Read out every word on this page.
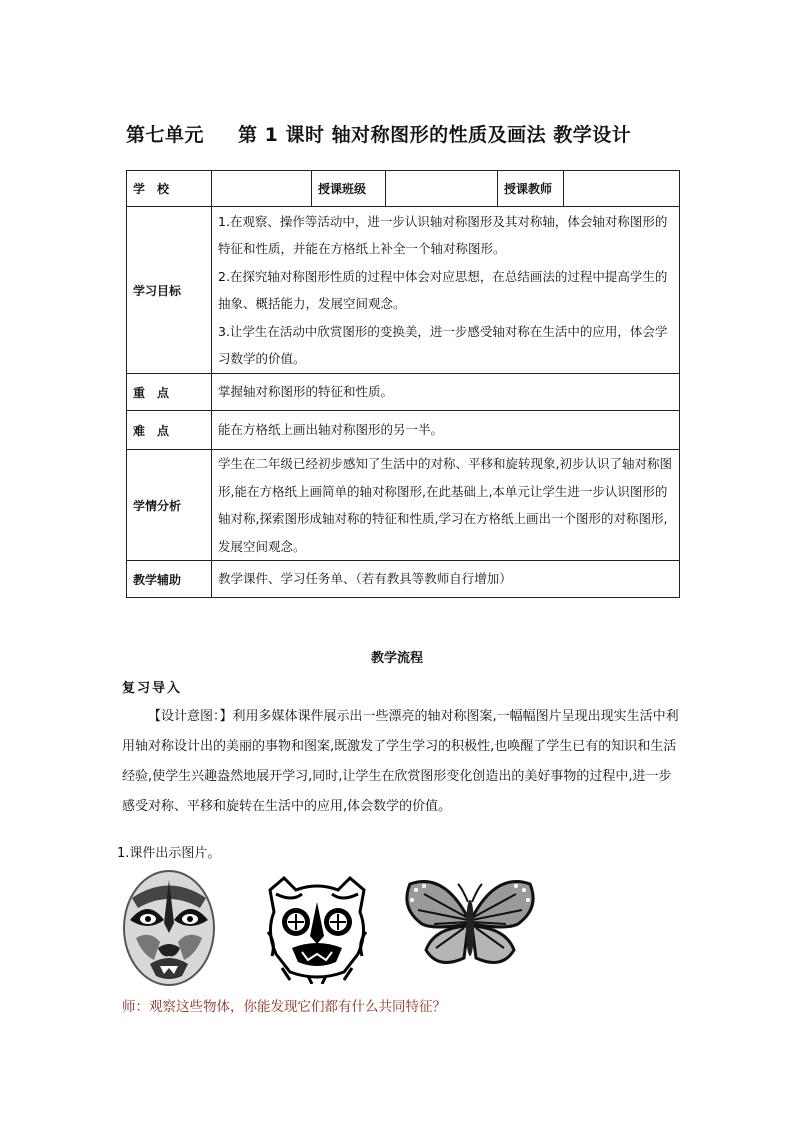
第七单元 第 1 课时 轴对称图形的性质及画法 教学设计
学　校		授课班级		授课教师	
学习目标	1.在观察、操作等活动中，进一步认识轴对称图形及其对称轴，体会轴对称图形的特征和性质，并能在方格纸上补全一个轴对称图形。

2.在探究轴对称图形性质的过程中体会对应思想，在总结画法的过程中提高学生的抽象、概括能力，发展空间观念。

3.让学生在活动中欣赏图形的变换美，进一步感受轴对称在生活中的应用，体会学习数学的价值。				

重　点	掌握轴对称图形的特征和性质。				
难　点	能在方格纸上画出轴对称图形的另一半。				
学情分析	学生在二年级已经初步感知了生活中的对称、平移和旋转现象,初步认识了轴对称图形,能在方格纸上画简单的轴对称图形,在此基础上,本单元让学生进一步认识图形的轴对称,探索图形成轴对称的特征和性质,学习在方格纸上画出一个图形的对称图形,发展空间观念。				

教学辅助	教学课件、学习任务单、（若有教具等教师自行增加）				
教学流程
复习导入

【设计意图：】利用多媒体课件展示出一些漂亮的轴对称图案,一幅幅图片呈现出现实生活中利用轴对称设计出的美丽的事物和图案,既激发了学生学习的积极性,也唤醒了学生已有的知识和生活经验,使学生兴趣盎然地展开学习,同时,让学生在欣赏图形变化创造出的美好事物的过程中,进一步感受对称、平移和旋转在生活中的应用,体会数学的价值。

1.课件出示图片。
师：观察这些物体，你能发现它们都有什么共同特征？
